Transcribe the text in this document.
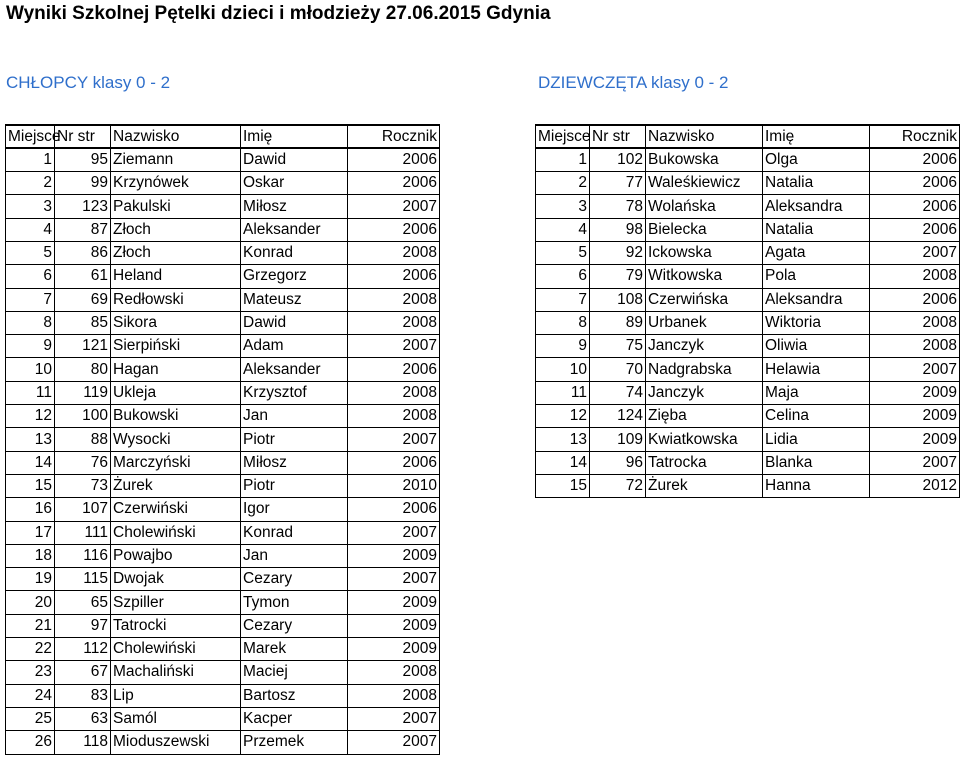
Wyniki Szkolnej Pętelki dzieci i młodzieży 27.06.2015 Gdynia
CHŁOPCY klasy 0 - 2	DZIEWCZĘTA klasy 0 - 2
Miejsce	Nr str	Nazwisko	Imię	Rocznik
1	95	Ziemann	Dawid	2006
2	99	Krzynówek	Oskar	2006
3	123	Pakulski	Miłosz	2007
4	87	Złoch	Aleksander	2006
5	86	Złoch	Konrad	2008
6	61	Heland	Grzegorz	2006
7	69	Redłowski	Mateusz	2008
8	85	Sikora	Dawid	2008
9	121	Sierpiński	Adam	2007
10	80	Hagan	Aleksander	2006
11	119	Ukleja	Krzysztof	2008
12	100	Bukowski	Jan	2008
13	88	Wysocki	Piotr	2007
14	76	Marczyński	Miłosz	2006
15	73	Żurek	Piotr	2010
16	107	Czerwiński	Igor	2006
17	111	Cholewiński	Konrad	2007
18	116	Powajbo	Jan	2009
19	115	Dwojak	Cezary	2007
20	65	Szpiller	Tymon	2009
21	97	Tatrocki	Cezary	2009
22	112	Cholewiński	Marek	2009
23	67	Machaliński	Maciej	2008
24	83	Lip	Bartosz	2008
25	63	Samól	Kacper	2007
26	118	Mioduszewski	Przemek	2007
Miejsce	Nr str	Nazwisko	Imię	Rocznik
1	102	Bukowska	Olga	2006
2	77	Waleśkiewicz	Natalia	2006
3	78	Wolańska	Aleksandra	2006
4	98	Bielecka	Natalia	2006
5	92	Ickowska	Agata	2007
6	79	Witkowska	Pola	2008
7	108	Czerwińska	Aleksandra	2006
8	89	Urbanek	Wiktoria	2008
9	75	Janczyk	Oliwia	2008
10	70	Nadgrabska	Helawia	2007
11	74	Janczyk	Maja	2009
12	124	Zięba	Celina	2009
13	109	Kwiatkowska	Lidia	2009
14	96	Tatrocka	Blanka	2007
15	72	Żurek	Hanna	2012
